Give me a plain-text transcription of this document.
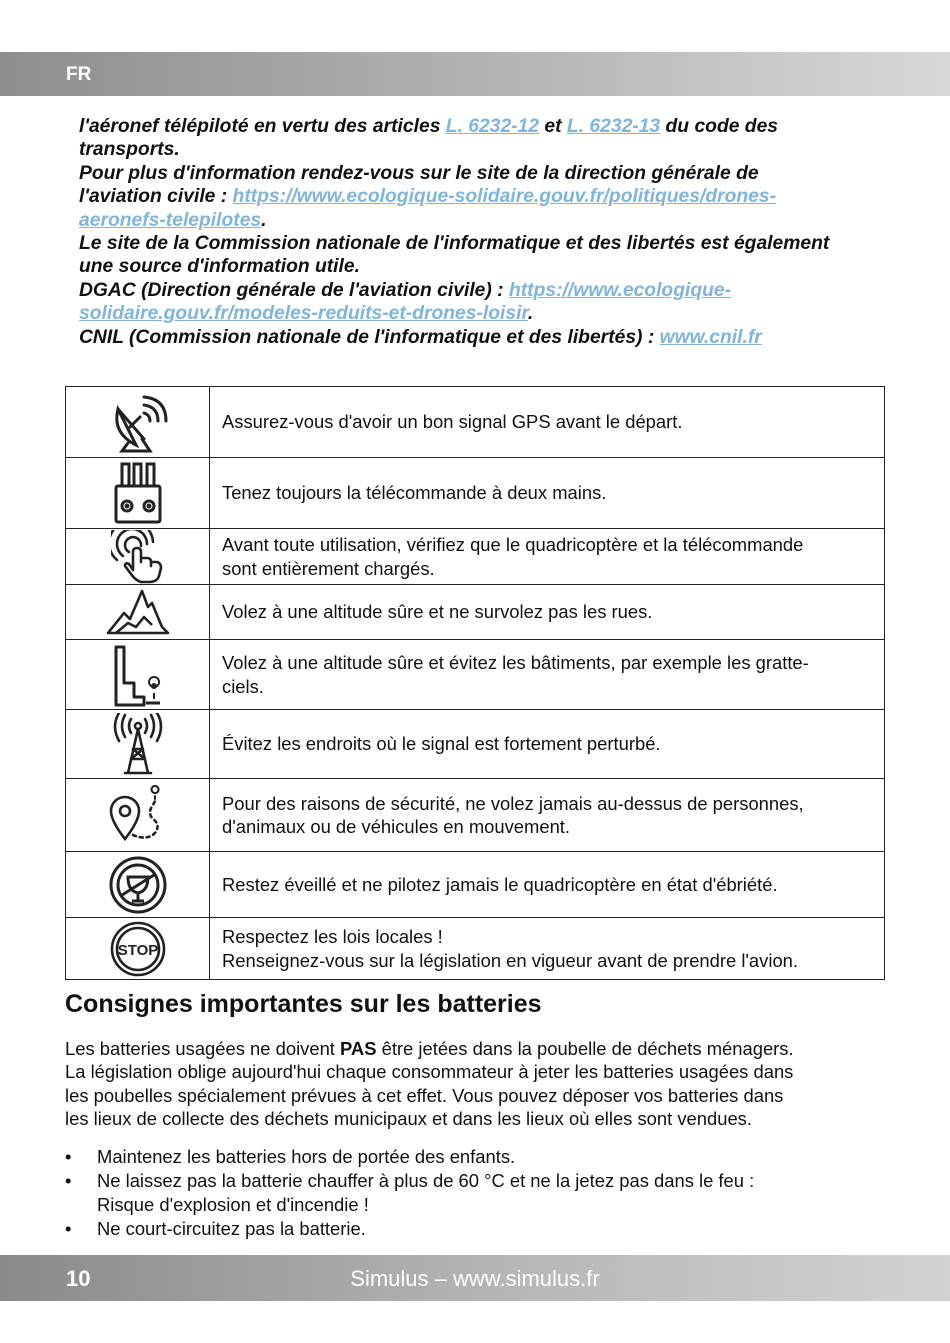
FR
l'aéronef télépiloté en vertu des articles L. 6232-12 et L. 6232-13 du code des
transports.
Pour plus d'information rendez-vous sur le site de la direction générale de
l'aviation civile : https://www.ecologique-solidaire.gouv.fr/politiques/drones-
aeronefs-telepilotes.
Le site de la Commission nationale de l'informatique et des libertés est également
une source d'information utile.
DGAC (Direction générale de l'aviation civile) : https://www.ecologique-
solidaire.gouv.fr/modeles-reduits-et-drones-loisir.
CNIL (Commission nationale de l'informatique et des libertés) : www.cnil.fr

Assurez-vous d'avoir un bon signal GPS avant le départ.

Tenez toujours la télécommande à deux mains.

Avant toute utilisation, vérifiez que le quadricoptère et la télécommande
sont entièrement chargés.

Volez à une altitude sûre et ne survolez pas les rues.

Volez à une altitude sûre et évitez les bâtiments, par exemple les gratte-
ciels.

Évitez les endroits où le signal est fortement perturbé.

Pour des raisons de sécurité, ne volez jamais au-dessus de personnes,
d'animaux ou de véhicules en mouvement.

Restez éveillé et ne pilotez jamais le quadricoptère en état d'ébriété.

STOP	Respectez les lois locales !
Renseignez-vous sur la législation en vigueur avant de prendre l'avion.
Consignes importantes sur les batteries
Les batteries usagées ne doivent PAS être jetées dans la poubelle de déchets ménagers.
La législation oblige aujourd'hui chaque consommateur à jeter les batteries usagées dans
les poubelles spécialement prévues à cet effet. Vous pouvez déposer vos batteries dans
les lieux de collecte des déchets municipaux et dans les lieux où elles sont vendues.
• Maintenez les batteries hors de portée des enfants.
• Ne laissez pas la batterie chauffer à plus de 60 °C et ne la jetez pas dans le feu :
Risque d'explosion et d'incendie !
• Ne court-circuitez pas la batterie.
10	Simulus – www.simulus.fr
